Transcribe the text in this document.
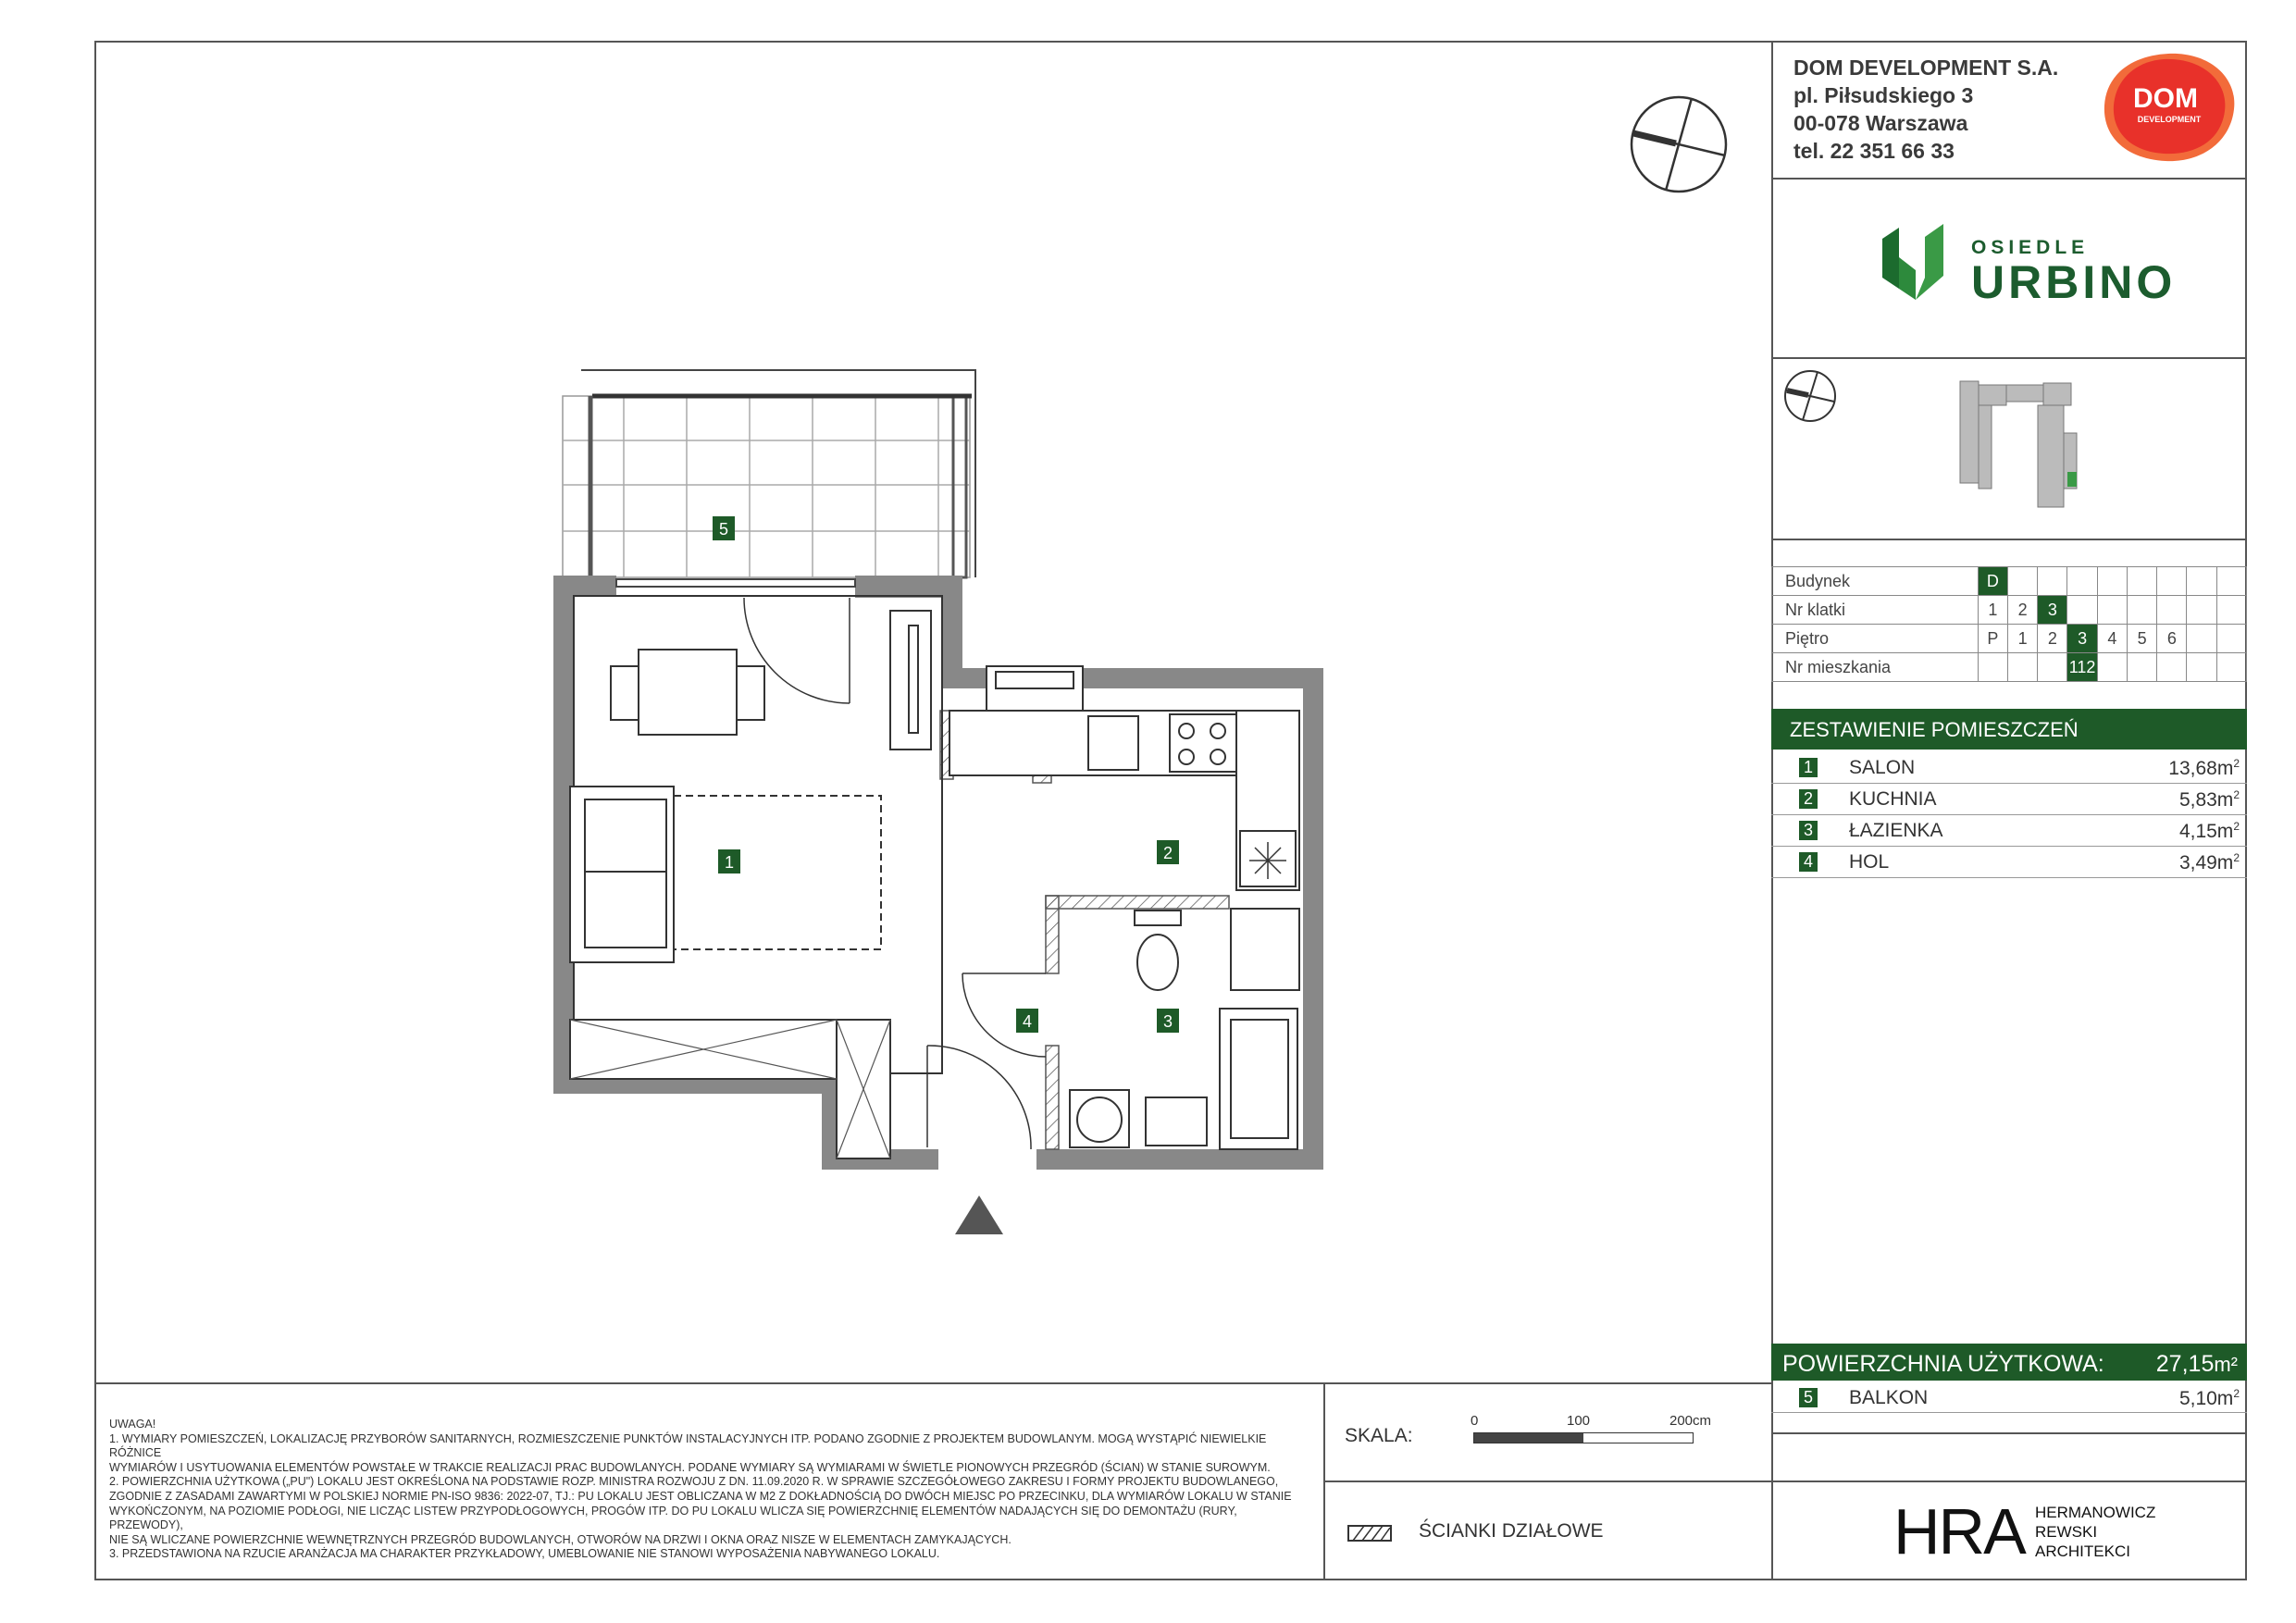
DOM DEVELOPMENT S.A.
pl. Piłsudskiego 3
00-078 Warszawa
tel. 22 351 66 33
DOM
DEVELOPMENT
OSIEDLE
URBINO
Budynek	D								
Nr klatki	1	2	3						
Piętro	P	1	2	3	4	5	6		
Nr mieszkania				112					
ZESTAWIENIE POMIESZCZEŃ
1 SALON	$13,68m^2$
2 KUCHNIA	$5,83m^2$
3 ŁAZIENKA	$4,15m^2$
4 HOL	$3,49m^2$
POWIERZCHNIA UŻYTKOWA: 27,15m²
5 BALKON	$5,10m^2$
UWAGA!
1. WYMIARY POMIESZCZEŃ, LOKALIZACJĘ PRZYBORÓW SANITARNYCH, ROZMIESZCZENIE PUNKTÓW INSTALACYJNYCH ITP. PODANO ZGODNIE Z PROJEKTEM BUDOWLANYM. MOGĄ WYSTĄPIĆ NIEWIELKIE RÓŻNICE
WYMIARÓW I USYTUOWANIA ELEMENTÓW POWSTAŁE W TRAKCIE REALIZACJI PRAC BUDOWLANYCH. PODANE WYMIARY SĄ WYMIARAMI W ŚWIETLE PIONOWYCH PRZEGRÓD (ŚCIAN) W STANIE SUROWYM.
2. POWIERZCHNIA UŻYTKOWA („PU") LOKALU JEST OKREŚLONA NA PODSTAWIE ROZP. MINISTRA ROZWOJU Z DN. 11.09.2020 R. W SPRAWIE SZCZEGÓŁOWEGO ZAKRESU I FORMY PROJEKTU BUDOWLANEGO,
ZGODNIE Z ZASADAMI ZAWARTYMI W POLSKIEJ NORMIE PN-ISO 9836: 2022-07, TJ.: PU LOKALU JEST OBLICZANA W M2 Z DOKŁADNOŚCIĄ DO DWÓCH MIEJSC PO PRZECINKU, DLA WYMIARÓW LOKALU W STANIE
WYKOŃCZONYM, NA POZIOMIE PODŁOGI, NIE LICZĄC LISTEW PRZYPODŁOGOWYCH, PROGÓW ITP. DO PU LOKALU WLICZA SIĘ POWIERZCHNIĘ ELEMENTÓW NADAJĄCYCH SIĘ DO DEMONTAŻU (RURY, PRZEWODY),
NIE SĄ WLICZANE POWIERZCHNIE WEWNĘTRZNYCH PRZEGRÓD BUDOWLANYCH, OTWORÓW NA DRZWI I OKNA ORAZ NISZE W ELEMENTACH ZAMYKAJĄCYCH.
3. PRZEDSTAWIONA NA RZUCIE ARANŻACJA MA CHARAKTER PRZYKŁADOWY, UMEBLOWANIE NIE STANOWI WYPOSAŻENIA NABYWANEGO LOKALU.
SKALA:
0	100	200cm
ŚCIANKI DZIAŁOWE	HRA HERMANOWICZ
REWSKI
ARCHITEKCI
5
1	2
3
4
